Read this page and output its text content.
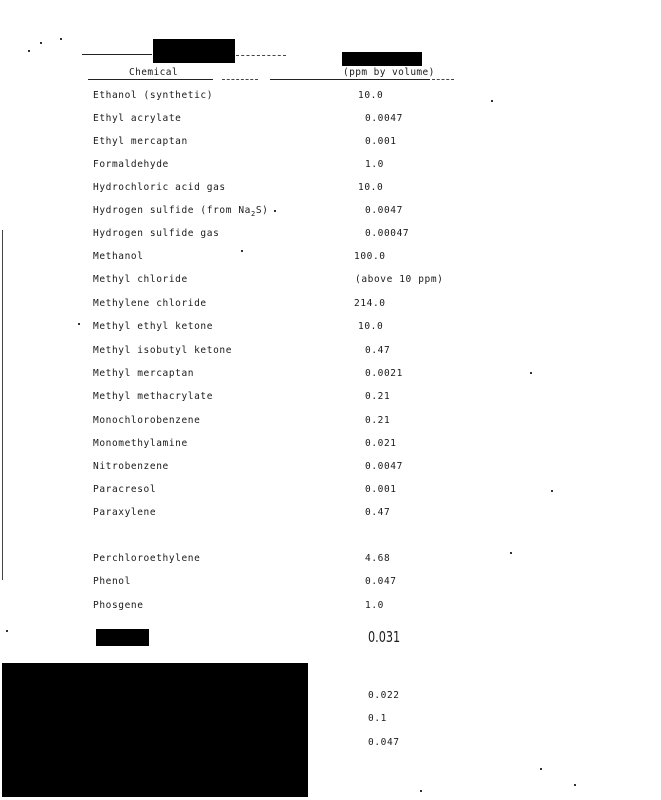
Chemical	(ppm by volume)
Ethanol (synthetic)	10.0
Ethyl acrylate	0.0047
Ethyl mercaptan	0.001
Formaldehyde	1.0
Hydrochloric acid gas	10.0
Hydrogen sulfide (from $Na_2S$)	0.0047
Hydrogen sulfide gas	0.00047
Methanol	100.0
Methyl chloride	(above 10 ppm)
Methylene chloride	214.0
Methyl ethyl ketone	10.0
Methyl isobutyl ketone	0.47
Methyl mercaptan	0.0021
Methyl methacrylate	0.21
Monochlorobenzene	0.21
Monomethylamine	0.021
Nitrobenzene	0.0047
Paracresol	0.001
Paraxylene	0.47
Perchloroethylene	4.68
Phenol	0.047
Phosgene	1.0
0.031
0.022
0.1
0.047
